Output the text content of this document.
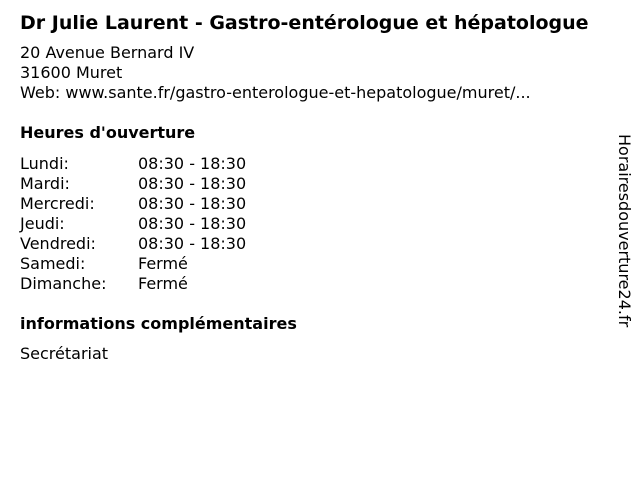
Dr Julie Laurent - Gastro-entérologue et hépatologue
20 Avenue Bernard IV
31600 Muret
Web: www.sante.fr/gastro-enterologue-et-hepatologue/muret/...
Heures d'ouverture
Lundi:	08:30 - 18:30
Mardi:	08:30 - 18:30
Mercredi:	08:30 - 18:30
Jeudi:	08:30 - 18:30
Vendredi:	08:30 - 18:30
Samedi:	Fermé
Dimanche:	Fermé
informations complémentaires
Secrétariat
Horairesdouverture24.fr
